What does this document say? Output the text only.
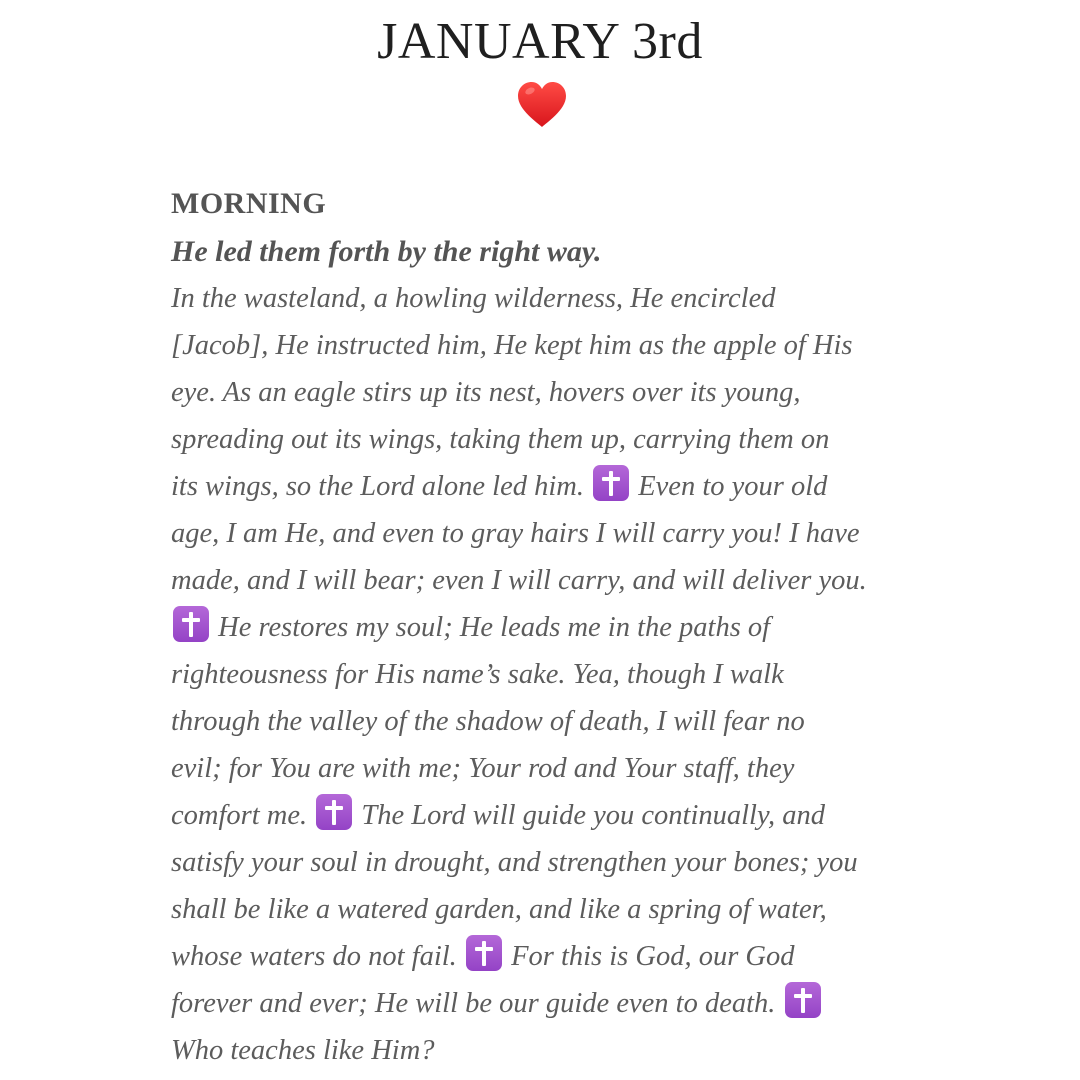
JANUARY 3rd
MORNING
He led them forth by the right way.
In the wasteland, a howling wilderness, He encircled
[Jacob], He instructed him, He kept him as the apple of His
eye. As an eagle stirs up its nest, hovers over its young,
spreading out its wings, taking them up, carrying them on
its wings, so the Lord alone led him. Even to your old
age, I am He, and even to gray hairs I will carry you! I have
made, and I will bear; even I will carry, and will deliver you.
He restores my soul; He leads me in the paths of
righteousness for His name’s sake. Yea, though I walk
through the valley of the shadow of death, I will fear no
evil; for You are with me; Your rod and Your staff, they
comfort me. The Lord will guide you continually, and
satisfy your soul in drought, and strengthen your bones; you
shall be like a watered garden, and like a spring of water,
whose waters do not fail. For this is God, our God
forever and ever; He will be our guide even to death.
Who teaches like Him?
